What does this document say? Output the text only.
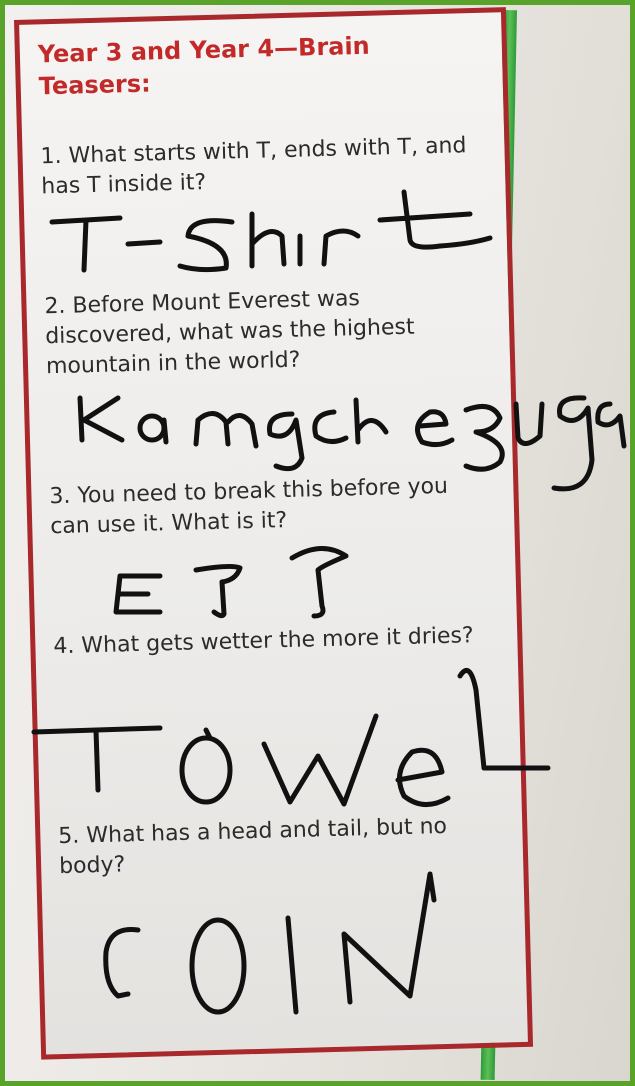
Year 3 and Year 4—Brain Teasers:
1. What starts with T, ends with T, and has T inside it?
2. Before Mount Everest was discovered, what was the highest mountain in the world?
3. You need to break this before you can use it. What is it?
4. What gets wetter the more it dries?
5. What has a head and tail, but no body?
